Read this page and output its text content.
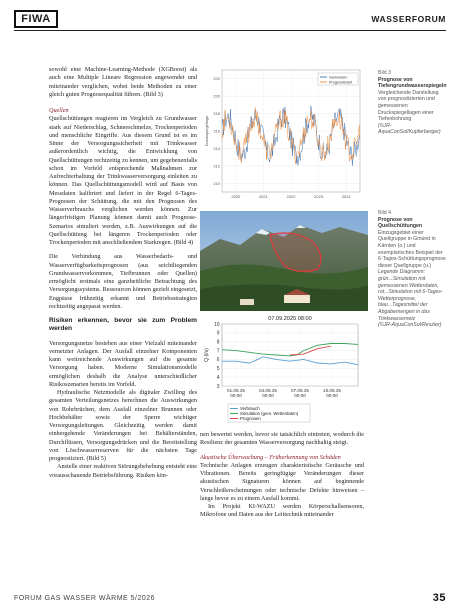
FIWA	WASSERFORUM

sowohl eine Machine-Learning-Methode (XGBoost) als auch eine Multiple Lineare Regression angewendet und miteinander verglichen, wobei beide Methoden zu einer gleich guten Prognosequalität führen. (Bild 3)

Quellen

Quellschüttungen reagieren im Vergleich zu Grundwasser stark auf Niederschlag, Schneeschmelze, Trockenperioden und menschliche Eingriffe. Aus diesem Grund ist es im Sinne der Versorgungssicherheit mit Trinkwasser außerordentlich wichtig, die Entwicklung von Quellschüttungen rechtzeitig zu kennen, um gegebenenfalls schon im Vorfeld entsprechende Maßnahmen zur Aufrechterhaltung der Trinkwasserversorgung einleiten zu können. Das Quellschüttungsmodell wird auf Basis von Messdaten kalibriert und liefert in der Regel 6-Tages-Prognosen der Schüttung, die mit den Prognosen des Wasserverbrauchs verglichen werden können. Zur längerfristigen Planung können damit auch Prognose-Szenarios simuliert werden, z.B. Auswirkungen auf die Quellschüttung bei längeren Trockenperioden oder Trockenperioden mit anschließendem Starkregen. (Bild 4)

Die Verbindung aus Wasserbedarfs- und Wasserverfügbarkeitsprognosen (aus seichtliegenden Grundwasservorkommen, Tiefbrunnen oder Quellen) ermöglicht erstmals eine ganzheitliche Betrachtung des Versorgungssystems. Ressourcen können gezielt eingesetzt, Engpässe frühzeitig erkannt und Betriebsstrategien rechtzeitig angepasst werden.

Risiken erkennen, bevor sie zum Problem werden

Versorgungsnetze bestehen aus einer Vielzahl miteinander vernetzter Anlagen. Der Ausfall einzelner Komponenten kann weitreichende Auswirkungen auf die gesamte Versorgung haben. Moderne Simulationsmodelle ermöglichen deshalb die Analyse unterschiedlicher Risikoszenarien bereits im Vorfeld.

Hydraulische Netzmodelle als digitaler Zwilling des gesamten Verteilungsnetzes berechnen die Auswirkungen von Rohrbrüchen, dem Ausfall einzelner Brunnen oder Hochbehälter sowie der Sperre wichtiger Versorgungsleitungen. Gleichzeitig werden damit einhergehende Veränderungen bei Behälterständen, Durchflüssen, Versorgungsdrücken und die Bereitstellung von Löschwasserreserven für die nächsten Tage prognostiziert. (Bild 5)

Anstelle einer reaktiven Störungsbehebung entsteht eine vorausschauende Betriebsführung. Risiken kön-

nen bewertet werden, bevor sie tatsächlich eintreten, wodurch die Resilienz der gesamten Wasserversorgung nachhaltig steigt.

Akustische Überwachung – Früherkennung von Schäden

Technische Anlagen erzeugen charakteristische Geräusche und Vibrationen. Bereits geringfügige Veränderungen dieser akustischen Signaturen können auf beginnende Verschleißerscheinungen oder technische Defekte hinweisen – lange bevor es zu einem Ausfall kommt.

Im Projekt KI-WAZU werden Körperschallsensoren, Mikrofone und Daten aus der Leittechnik miteinander

210
212
214
216
218
220
222
2020	2021	2022	2023	2024
Druckspiegellage
Gemessen
Prognostiziert
07.09.2025 08:00
3
4
5
6
7
8
9
10
Q (l/s)
01.05.25 00:00
04.05.25 00:00
07.05.25 00:00
10.05.25 00:00
Verbrauch
Simulation (gem. Wetterdaten)
Prognosen
Bild 3
Prognose von Tiefengrundwasserspiegeln
Vergleichende Darstellung von prognostizierten und gemessenen Druckspiegellagen einer Tiefenbohrung
(©JR-AquaConSol/Kupferberger)
Bild 4
Prognose von Quellschüttungen
Einzugsgebiet einer Quellgruppe in Gmünd in Kärnten (o.) und exemplarisches Beispiel der 6-Tages-Schüttungsprognose dieser Quellgruppe (u.)
Legende Diagramm: grün...Simulation mit gemessenen Wetterdaten, rot...Simulation mit 6-Tages-Wetterprognose, blau...Tagesmittel der Abgabemengen in das Trinkwassernetz
(©JR-AquaConSol/Reszler)
FORUM GAS WASSER WÄRME 5/2026	35
